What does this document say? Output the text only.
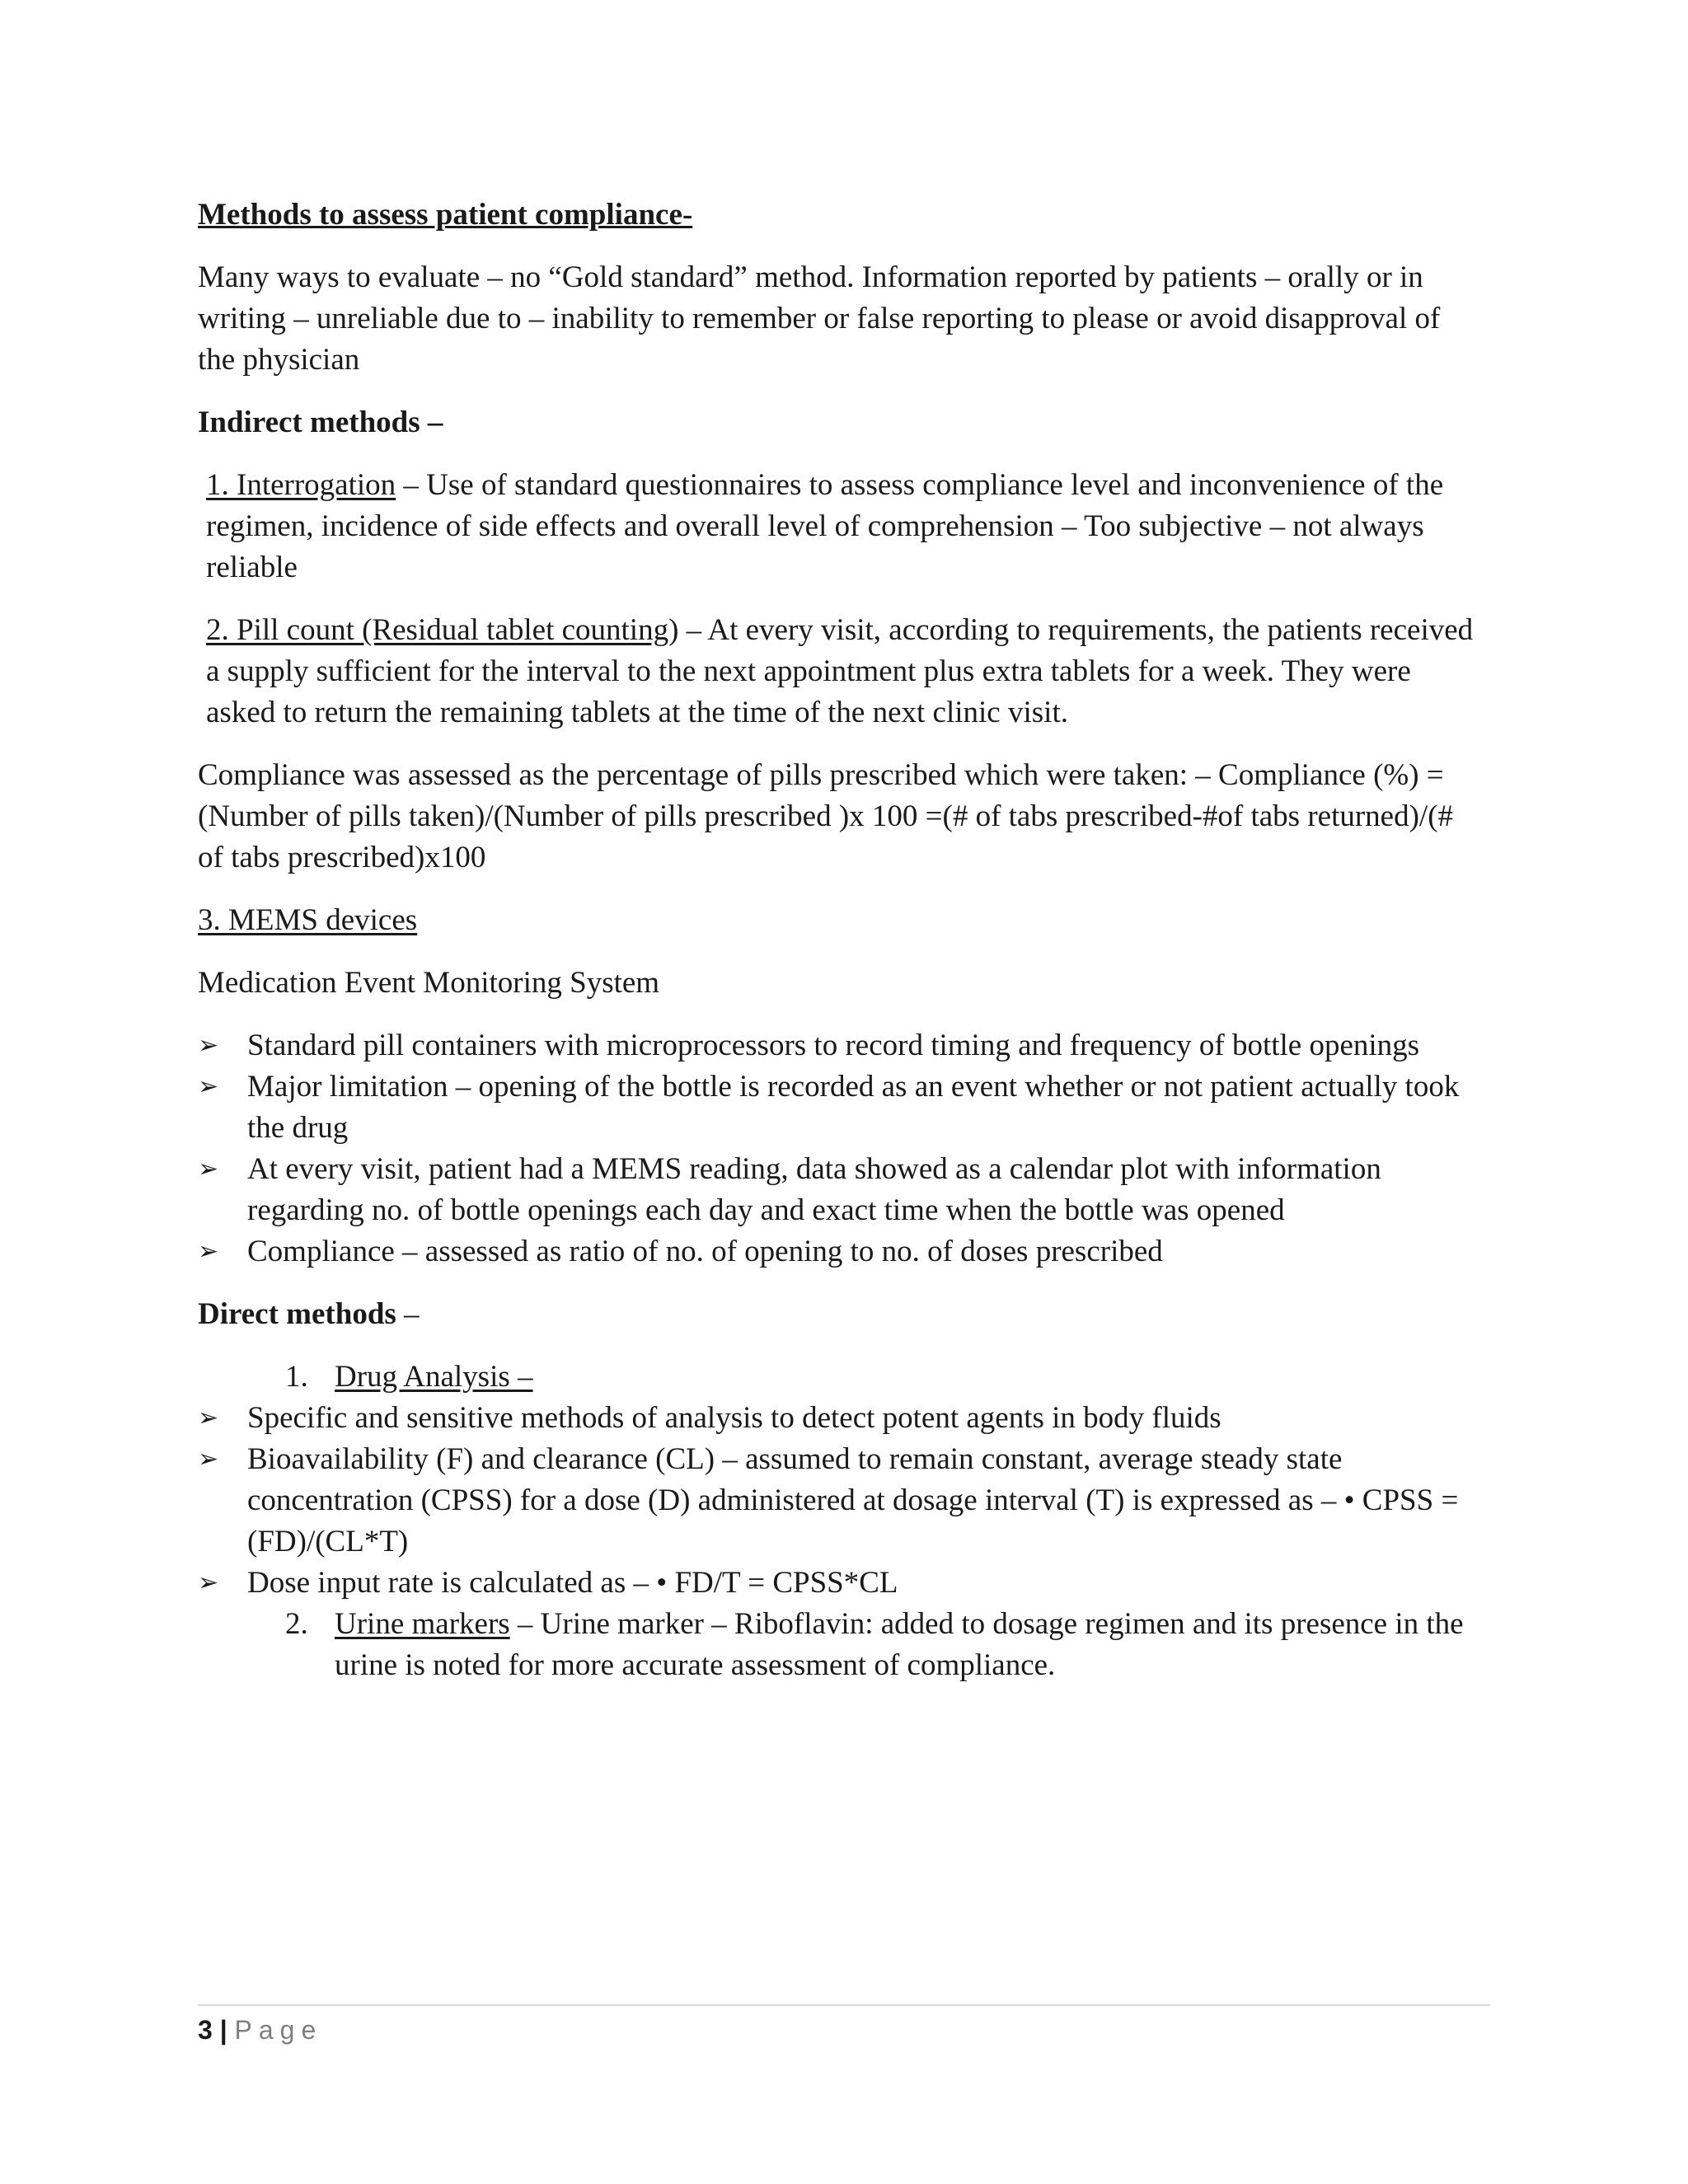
Methods to assess patient compliance-

Many ways to evaluate – no “Gold standard” method. Information reported by patients – orally or in writing – unreliable due to – inability to remember or false reporting to please or avoid disapproval of the physician

Indirect methods –

1. Interrogation – Use of standard questionnaires to assess compliance level and inconvenience of the regimen, incidence of side effects and overall level of comprehension – Too subjective – not always reliable

2. Pill count (Residual tablet counting) – At every visit, according to requirements, the patients received a supply sufficient for the interval to the next appointment plus extra tablets for a week. They were asked to return the remaining tablets at the time of the next clinic visit.

Compliance was assessed as the percentage of pills prescribed which were taken: – Compliance (%) =(Number of pills taken)/(Number of pills prescribed )x 100 =(# of tabs prescribed-#of tabs returned)/(# of tabs prescribed)x100

3. MEMS devices

Medication Event Monitoring System

➢ Standard pill containers with microprocessors to record timing and frequency of bottle openings
➢ Major limitation – opening of the bottle is recorded as an event whether or not patient actually took the drug
➢ At every visit, patient had a MEMS reading, data showed as a calendar plot with information regarding no. of bottle openings each day and exact time when the bottle was opened
➢ Compliance – assessed as ratio of no. of opening to no. of doses prescribed

Direct methods –

1. Drug Analysis –

➢ Specific and sensitive methods of analysis to detect potent agents in body fluids
➢ Bioavailability (F) and clearance (CL) – assumed to remain constant, average steady state concentration (CPSS) for a dose (D) administered at dosage interval (T) is expressed as – • CPSS = (FD)/(CL*T)
➢ Dose input rate is calculated as – • FD/T = CPSS*CL

2. Urine markers – Urine marker – Riboflavin: added to dosage regimen and its presence in the urine is noted for more accurate assessment of compliance.

3 | Page
